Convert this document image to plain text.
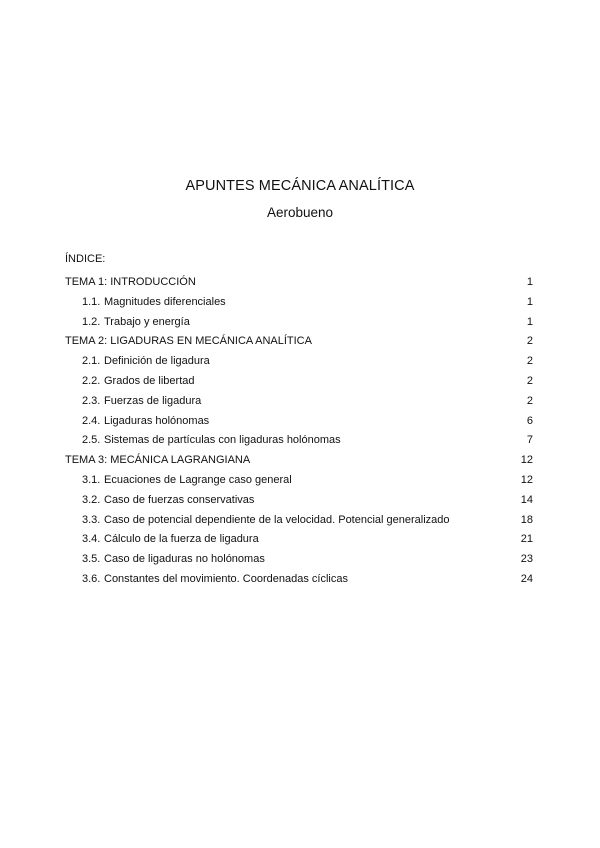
APUNTES MECÁNICA ANALÍTICA
Aerobueno
ÍNDICE:
TEMA 1: INTRODUCCIÓN	1
1.1. Magnitudes diferenciales	1
1.2. Trabajo y energía	1
TEMA 2: LIGADURAS EN MECÁNICA ANALÍTICA	2
2.1. Definición de ligadura	2
2.2. Grados de libertad	2
2.3. Fuerzas de ligadura	2
2.4. Ligaduras holónomas	6
2.5. Sistemas de partículas con ligaduras holónomas	7
TEMA 3: MECÁNICA LAGRANGIANA	12
3.1. Ecuaciones de Lagrange caso general	12
3.2. Caso de fuerzas conservativas	14
3.3. Caso de potencial dependiente de la velocidad. Potencial generalizado	18
3.4. Cálculo de la fuerza de ligadura	21
3.5. Caso de ligaduras no holónomas	23
3.6. Constantes del movimiento. Coordenadas cíclicas	24
